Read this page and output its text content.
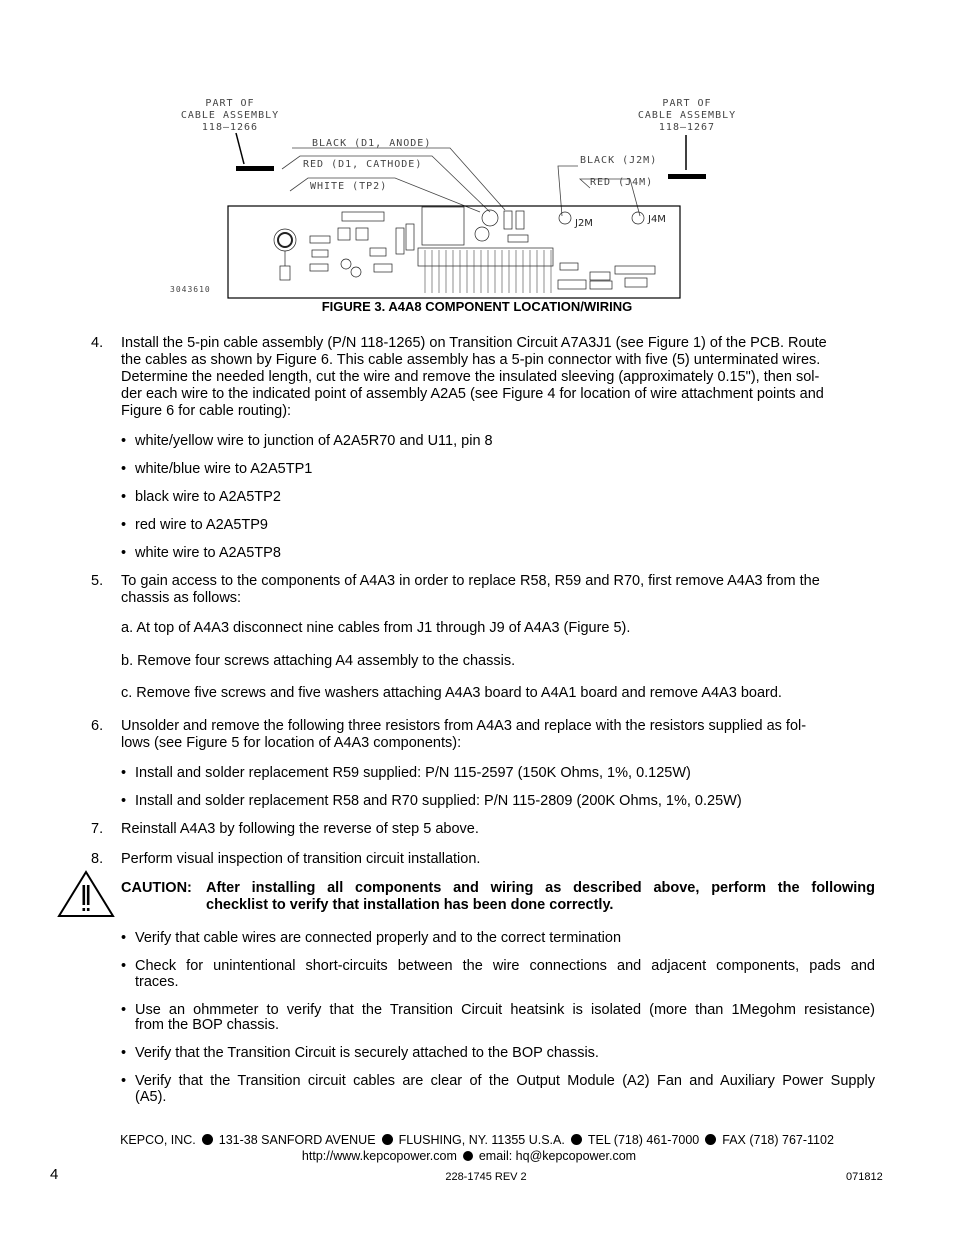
PART OF
CABLE ASSEMBLY
118–1266
PART OF
CABLE ASSEMBLY
118–1267
BLACK (D1, ANODE)
RED (D1, CATHODE)
WHITE (TP2)
BLACK (J2M)
RED (J4M)
3043610
J2M	J4M
FIGURE 3. A4A8 COMPONENT LOCATION/WIRING
4.	Install the 5-pin cable assembly (P/N 118-1265) on Transition Circuit A7A3J1 (see Figure 1) of the PCB. Route
the cables as shown by Figure 6. This cable assembly has a 5-pin connector with five (5) unterminated wires.
Determine the needed length, cut the wire and remove the insulated sleeving (approximately 0.15"), then sol-
der each wire to the indicated point of assembly A2A5 (see Figure 4 for location of wire attachment points and
Figure 6 for cable routing):
• white/yellow wire to junction of A2A5R70 and U11, pin 8
• white/blue wire to A2A5TP1
• black wire to A2A5TP2
• red wire to A2A5TP9
• white wire to A2A5TP8
5.	To gain access to the components of A4A3 in order to replace R58, R59 and R70, first remove A4A3 from the
chassis as follows:
a. At top of A4A3 disconnect nine cables from J1 through J9 of A4A3 (Figure 5).
b. Remove four screws attaching A4 assembly to the chassis.
c. Remove five screws and five washers attaching A4A3 board to A4A1 board and remove A4A3 board.
6.	Unsolder and remove the following three resistors from A4A3 and replace with the resistors supplied as fol-
lows (see Figure 5 for location of A4A3 components):
• Install and solder replacement R59 supplied: P/N 115-2597 (150K Ohms, 1%, 0.125W)
• Install and solder replacement R58 and R70 supplied: P/N 115-2809 (200K Ohms, 1%, 0.25W)
7.	Reinstall A4A3 by following the reverse of step 5 above.
8.	Perform visual inspection of transition circuit installation.
CAUTION: After installing all components and wiring as described above, perform the following
checklist to verify that installation has been done correctly.
• Verify that cable wires are connected properly and to the correct termination
• Check for unintentional short-circuits between the wire connections and adjacent components, pads and
traces.
• Use an ohmmeter to verify that the Transition Circuit heatsink is isolated (more than 1Megohm resistance)
from the BOP chassis.
• Verify that the Transition Circuit is securely attached to the BOP chassis.
• Verify that the Transition circuit cables are clear of the Output Module (A2) Fan and Auxiliary Power Supply
(A5).
KEPCO, INC. 131-38 SANFORD AVENUE FLUSHING, NY. 11355 U.S.A. TEL (718) 461-7000 FAX (718) 767-1102
http://www.kepcopower.com email: hq@kepcopower.com
4	228-1745 REV 2	071812
